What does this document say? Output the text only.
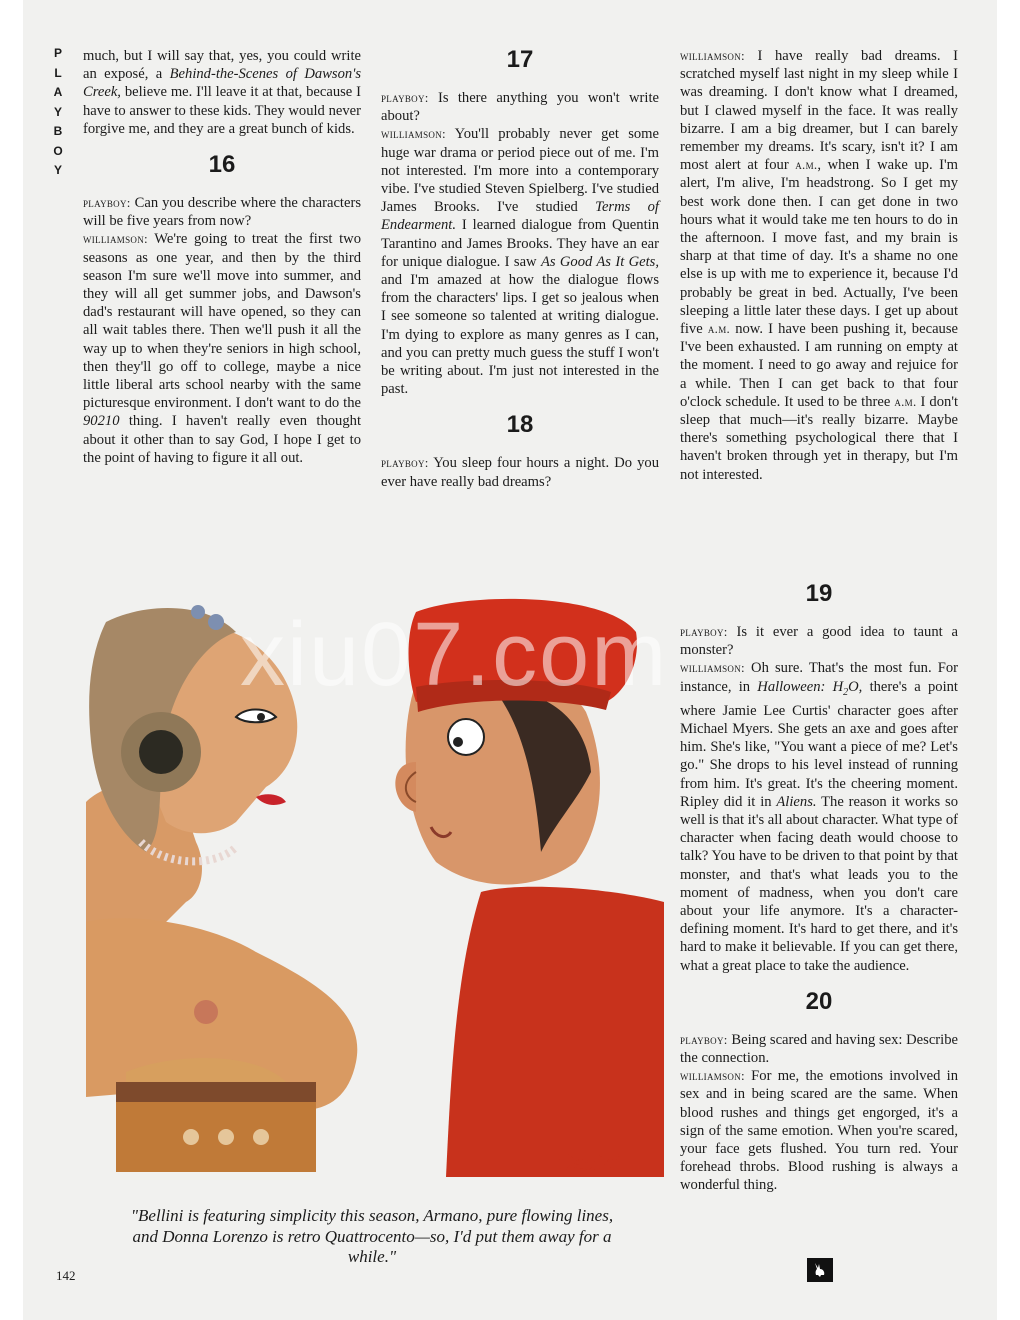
P
L
A
Y
B
O
Y

much, but I will say that, yes, you could write an exposé, a Behind-the-Scenes of Dawson's Creek, believe me. I'll leave it at that, because I have to answer to these kids. They would never forgive me, and they are a great bunch of kids.

16

playboy: Can you describe where the characters will be five years from now?

williamson: We're going to treat the first two seasons as one year, and then by the third season I'm sure we'll move into summer, and they will all get summer jobs, and Dawson's dad's restaurant will have opened, so they can all wait tables there. Then we'll push it all the way up to when they're seniors in high school, then they'll go off to college, maybe a nice little liberal arts school nearby with the same picturesque environment. I don't want to do the 90210 thing. I haven't really even thought about it other than to say God, I hope I get to the point of having to figure it all out.

17

playboy: Is there anything you won't write about?

williamson: You'll probably never get some huge war drama or period piece out of me. I'm not interested. I'm more into a contemporary vibe. I've studied Steven Spielberg. I've studied James Brooks. I've studied Terms of Endearment. I learned dialogue from Quentin Tarantino and James Brooks. They have an ear for unique dialogue. I saw As Good As It Gets, and I'm amazed at how the dialogue flows from the characters' lips. I get so jealous when I see someone so talented at writing dialogue. I'm dying to explore as many genres as I can, and you can pretty much guess the stuff I won't be writing about. I'm just not interested in the past.

18

playboy: You sleep four hours a night. Do you ever have really bad dreams?

williamson: I have really bad dreams. I scratched myself last night in my sleep while I was dreaming. I don't know what I dreamed, but I clawed myself in the face. It was really bizarre. I am a big dreamer, but I can barely remember my dreams. It's scary, isn't it? I am most alert at four a.m., when I wake up. I'm alert, I'm alive, I'm headstrong. So I get my best work done then. I can get done in two hours what it would take me ten hours to do in the afternoon. I move fast, and my brain is sharp at that time of day. It's a shame no one else is up with me to experience it, because I'd probably be great in bed. Actually, I've been sleeping a little later these days. I get up about five a.m. now. I have been pushing it, because I've been exhausted. I am running on empty at the moment. I need to go away and rejuice for a while. Then I can get back to that four o'clock schedule. It used to be three a.m. I don't sleep that much—it's really bizarre. Maybe there's something psychological there that I haven't broken through yet in therapy, but I'm not interested.

19

playboy: Is it ever a good idea to taunt a monster?

williamson: Oh sure. That's the most fun. For instance, in Halloween: $H_2O$, there's a point where Jamie Lee Curtis' character goes after Michael Myers. She gets an axe and goes after him. She's like, "You want a piece of me? Let's go." She drops to his level instead of running from him. It's great. It's the cheering moment. Ripley did it in Aliens. The reason it works so well is that it's all about character. What type of character when facing death would choose to talk? You have to be driven to that point by that monster, and that's what leads you to the moment of madness, when you don't care about your life anymore. It's a character-defining moment. It's hard to get there, and it's hard to make it believable. If you can get there, what a great place to take the audience.

20

playboy: Being scared and having sex: Describe the connection.

williamson: For me, the emotions involved in sex and in being scared are the same. When blood rushes and things get engorged, it's a sign of the same emotion. When you're scared, your face gets flushed. You turn red. Your forehead throbs. Blood rushing is always a wonderful thing.

Dedini
xiu07.com
"Bellini is featuring simplicity this season, Armano, pure flowing lines, and Donna Lorenzo is retro Quattrocento—so, I'd put them away for a while."
142
